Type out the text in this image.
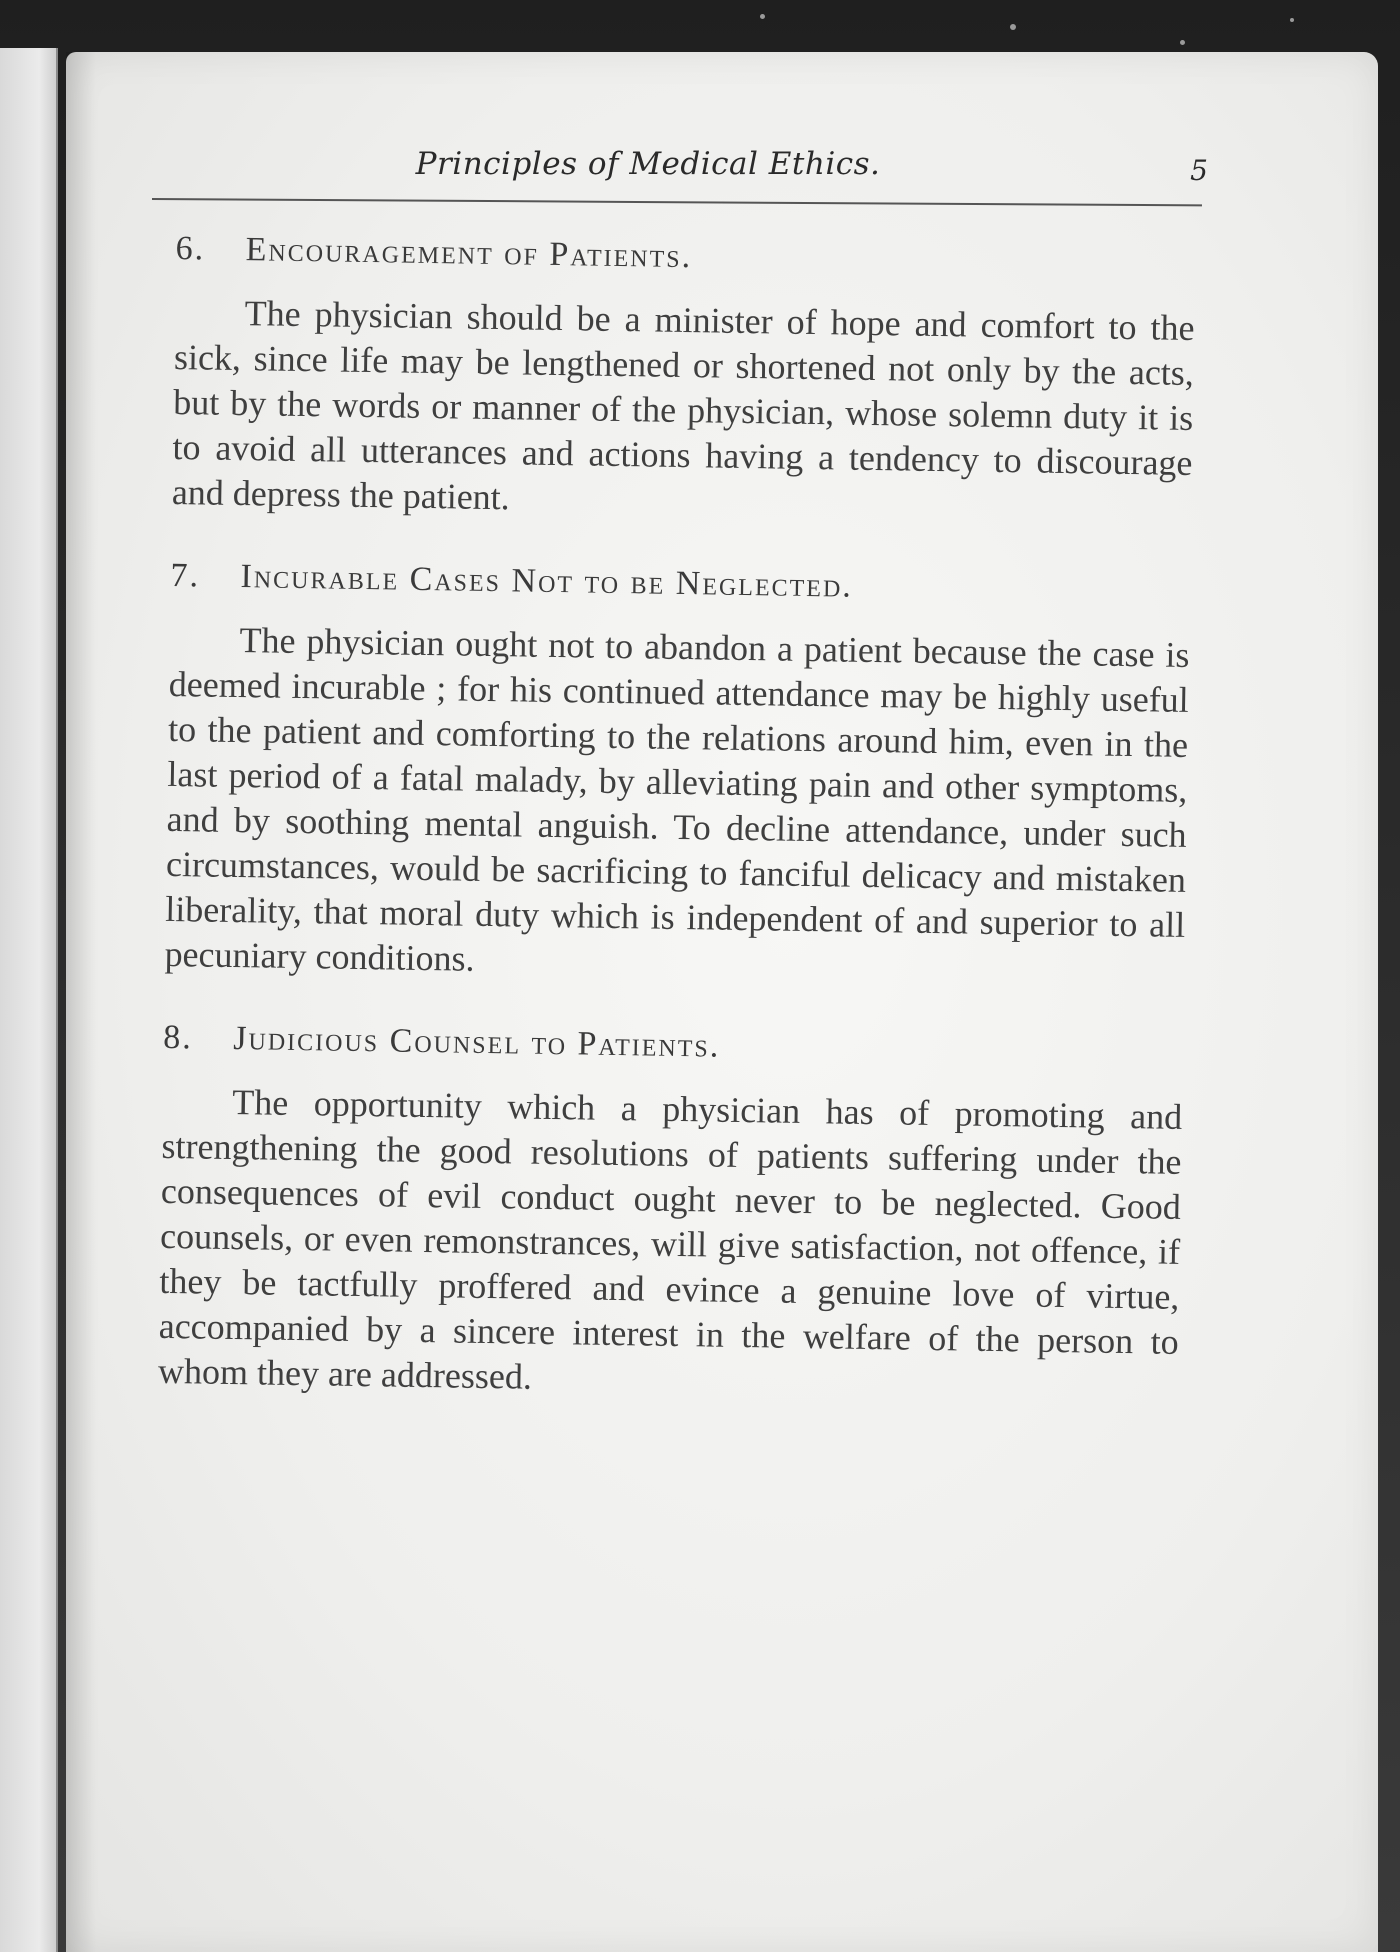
Principles of Medical Ethics.	5
6. Encouragement of Patients.

The physician should be a minister of hope and comfort to the sick, since life may be lengthened or shortened not only by the acts, but by the words or manner of the physician, whose solemn duty it is to avoid all utterances and actions having a tendency to discourage and depress the patient.

7. Incurable Cases Not to be Neglected.

The physician ought not to abandon a patient because the case is deemed incurable ; for his continued attendance may be highly useful to the patient and comforting to the relations around him, even in the last period of a fatal malady, by alleviating pain and other symptoms, and by soothing mental anguish. To decline attendance, under such circumstances, would be sacrificing to fanciful delicacy and mistaken liberality, that moral duty which is independent of and superior to all pecuniary conditions.

8. Judicious Counsel to Patients.

The opportunity which a physician has of promoting and strengthening the good resolutions of patients suffering under the consequences of evil conduct ought never to be neglected. Good counsels, or even remonstrances, will give satisfaction, not offence, if they be tactfully proffered and evince a genuine love of virtue, accompanied by a sincere interest in the welfare of the person to whom they are addressed.
